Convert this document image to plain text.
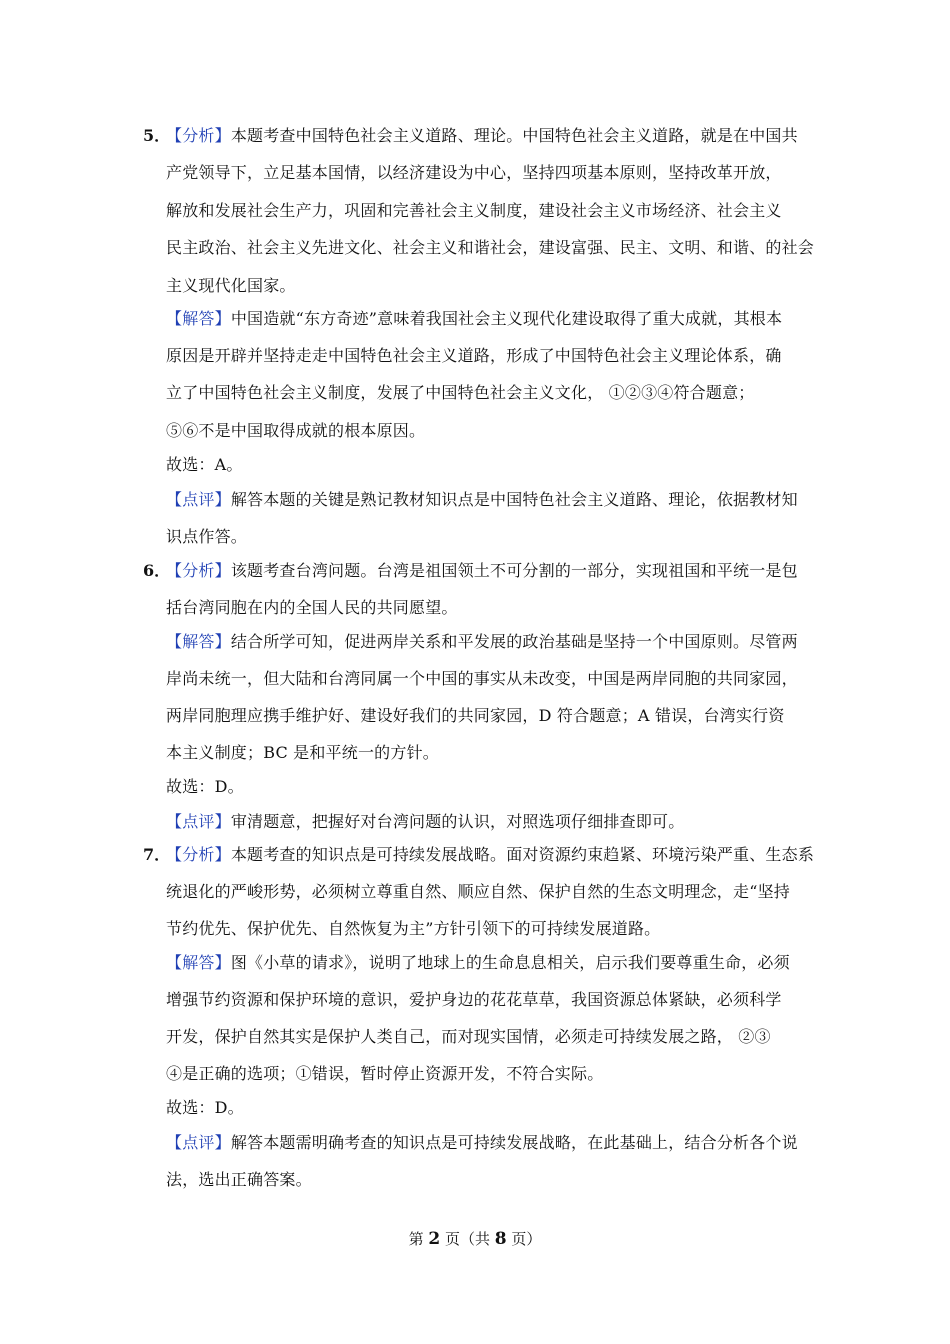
5．
【分析】本题考查中国特色社会主义道路、理论。中国特色社会主义道路，就是在中国共
产党领导下，立足基本国情，以经济建设为中心，坚持四项基本原则，坚持改革开放，
解放和发展社会生产力，巩固和完善社会主义制度，建设社会主义市场经济、社会主义
民主政治、社会主义先进文化、社会主义和谐社会，建设富强、民主、文明、和谐、的社会
主义现代化国家。
【解答】中国造就“东方奇迹”意味着我国社会主义现代化建设取得了重大成就，其根本
原因是开辟并坚持走走中国特色社会主义道路，形成了中国特色社会主义理论体系，确
立了中国特色社会主义制度，发展了中国特色社会主义文化， ①②③④符合题意；
⑤⑥不是中国取得成就的根本原因。
故选：A。
【点评】解答本题的关键是熟记教材知识点是中国特色社会主义道路、理论，依据教材知
识点作答。
6．
【分析】该题考查台湾问题。台湾是祖国领土不可分割的一部分，实现祖国和平统一是包
括台湾同胞在内的全国人民的共同愿望。
【解答】结合所学可知，促进两岸关系和平发展的政治基础是坚持一个中国原则。尽管两
岸尚未统一，但大陆和台湾同属一个中国的事实从未改变，中国是两岸同胞的共同家园，
两岸同胞理应携手维护好、建设好我们的共同家园，D 符合题意；A 错误，台湾实行资
本主义制度；BC 是和平统一的方针。
故选：D。
【点评】审清题意，把握好对台湾问题的认识，对照选项仔细排查即可。
7．
【分析】本题考查的知识点是可持续发展战略。面对资源约束趋紧、环境污染严重、生态系
统退化的严峻形势，必须树立尊重自然、顺应自然、保护自然的生态文明理念，走“坚持
节约优先、保护优先、自然恢复为主”方针引领下的可持续发展道路。
【解答】图《小草的请求》，说明了地球上的生命息息相关，启示我们要尊重生命，必须
增强节约资源和保护环境的意识，爱护身边的花花草草，我国资源总体紧缺，必须科学
开发，保护自然其实是保护人类自己，而对现实国情，必须走可持续发展之路， ②③
④是正确的选项；①错误，暂时停止资源开发，不符合实际。
故选：D。
【点评】解答本题需明确考查的知识点是可持续发展战略，在此基础上，结合分析各个说
法，选出正确答案。
第 2 页（共 8 页）
